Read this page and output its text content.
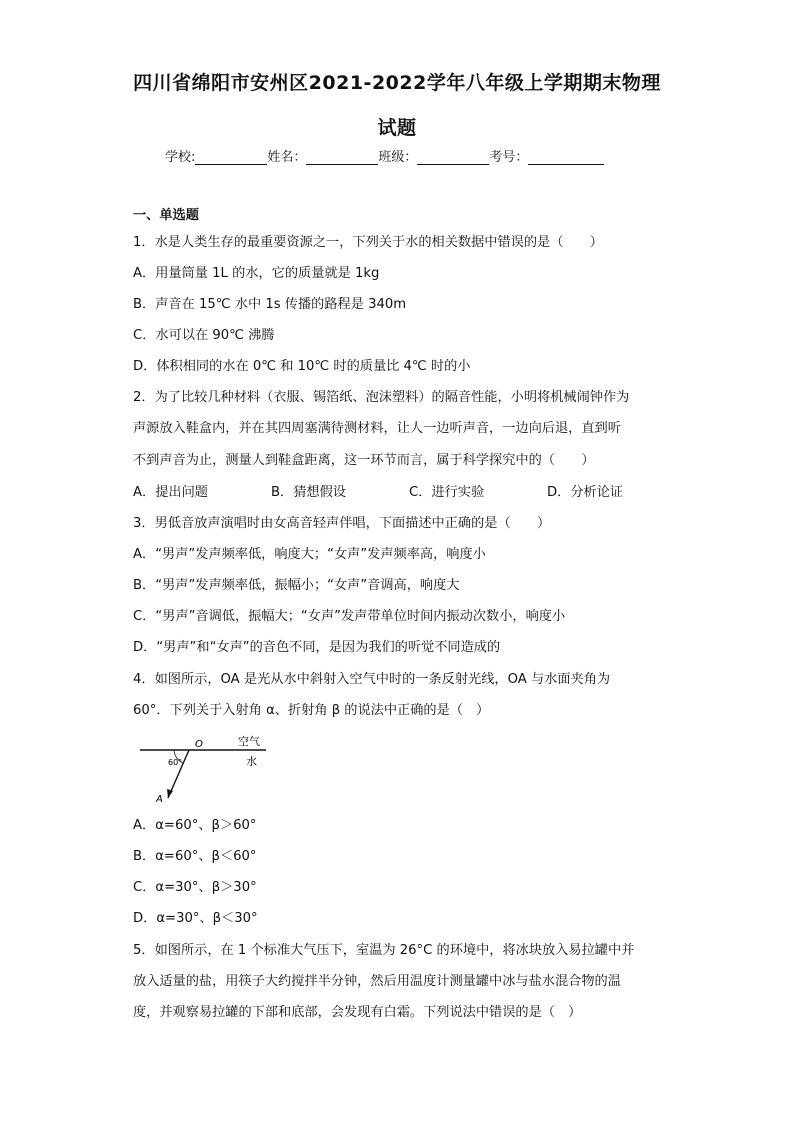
四川省绵阳市安州区2021-2022学年八年级上学期期末物理
试题
学校:	姓名：	班级：	考号：
一、单选题
1．水是人类生存的最重要资源之一，下列关于水的相关数据中错误的是（　　）
A．用量筒量 1L 的水，它的质量就是 1kg
B．声音在 15℃ 水中 1s 传播的路程是 340m
C．水可以在 90℃ 沸腾
D．体积相同的水在 0℃ 和 10℃ 时的质量比 4℃ 时的小
2．为了比较几种材料（衣服、锡箔纸、泡沫塑料）的隔音性能，小明将机械闹钟作为
声源放入鞋盒内，并在其四周塞满待测材料，让人一边听声音，一边向后退，直到听
不到声音为止，测量人到鞋盒距离，这一环节而言，属于科学探究中的（　　）
A．提出问题	B．猜想假设	C．进行实验	D．分析论证
3．男低音放声演唱时由女高音轻声伴唱，下面描述中正确的是（　　）
A．“男声”发声频率低，响度大；“女声”发声频率高，响度小
B．“男声”发声频率低，振幅小；“女声”音调高，响度大
C．“男声”音调低，振幅大；“女声”发声带单位时间内振动次数小，响度小
D．“男声”和“女声”的音色不同，是因为我们的听觉不同造成的
4．如图所示，OA 是光从水中斜射入空气中时的一条反射光线，OA 与水面夹角为
60°．下列关于入射角 α、折射角 β 的说法中正确的是（　）
O	空气
水
60°
A
A．α=60°、β＞60°
B．α=60°、β＜60°
C．α=30°、β＞30°
D．α=30°、β＜30°
5．如图所示，在 1 个标准大气压下，室温为 26°C 的环境中，将冰块放入易拉罐中并
放入适量的盐，用筷子大约搅拌半分钟，然后用温度计测量罐中冰与盐水混合物的温
度，并观察易拉罐的下部和底部，会发现有白霜。下列说法中错误的是（　）
